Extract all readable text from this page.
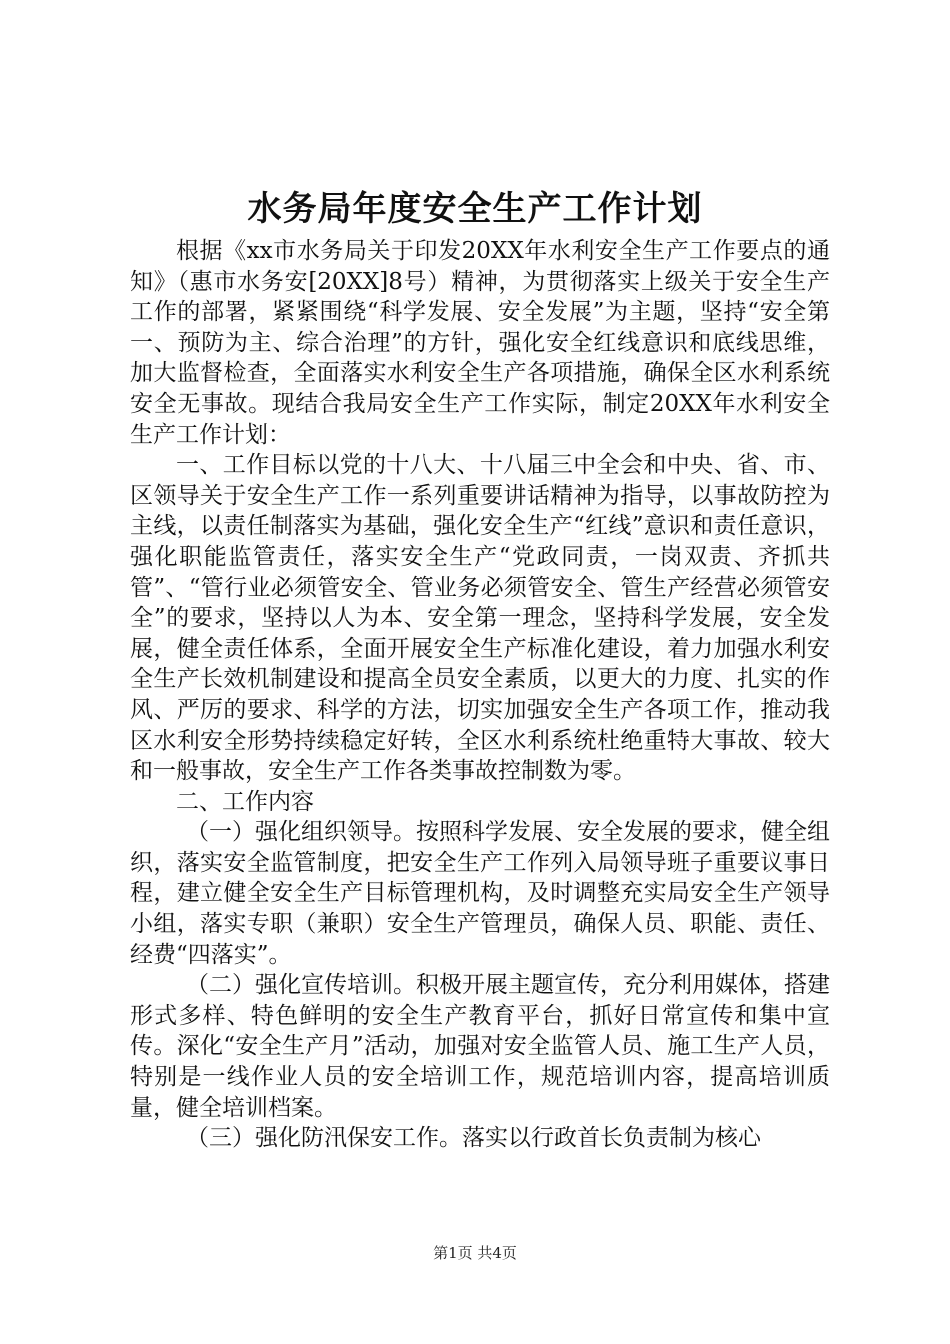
水务局年度安全生产工作计划

根据《xx市水务局关于印发20XX年水利安全生产工作要点的通知》（惠市水务安[20XX]8号）精神，为贯彻落实上级关于安全生产工作的部署，紧紧围绕“科学发展、安全发展”为主题，坚持“安全第一、预防为主、综合治理”的方针，强化安全红线意识和底线思维，加大监督检查，全面落实水利安全生产各项措施，确保全区水利系统安全无事故。现结合我局安全生产工作实际，制定20XX年水利安全生产工作计划：

一、工作目标以党的十八大、十八届三中全会和中央、省、市、区领导关于安全生产工作一系列重要讲话精神为指导，以事故防控为主线，以责任制落实为基础，强化安全生产“红线”意识和责任意识，强化职能监管责任，落实安全生产“党政同责，一岗双责、齐抓共管”、“管行业必须管安全、管业务必须管安全、管生产经营必须管安全”的要求，坚持以人为本、安全第一理念，坚持科学发展，安全发展，健全责任体系，全面开展安全生产标准化建设，着力加强水利安全生产长效机制建设和提高全员安全素质，以更大的力度、扎实的作风、严厉的要求、科学的方法，切实加强安全生产各项工作，推动我区水利安全形势持续稳定好转，全区水利系统杜绝重特大事故、较大和一般事故，安全生产工作各类事故控制数为零。

二、工作内容

（一）强化组织领导。按照科学发展、安全发展的要求，健全组织，落实安全监管制度，把安全生产工作列入局领导班子重要议事日程，建立健全安全生产目标管理机构，及时调整充实局安全生产领导小组，落实专职（兼职）安全生产管理员，确保人员、职能、责任、经费“四落实”。

（二）强化宣传培训。积极开展主题宣传，充分利用媒体，搭建形式多样、特色鲜明的安全生产教育平台，抓好日常宣传和集中宣传。深化“安全生产月”活动，加强对安全监管人员、施工生产人员，特别是一线作业人员的安全培训工作，规范培训内容，提高培训质量，健全培训档案。

（三）强化防汛保安工作。落实以行政首长负责制为核心

第1页 共4页
